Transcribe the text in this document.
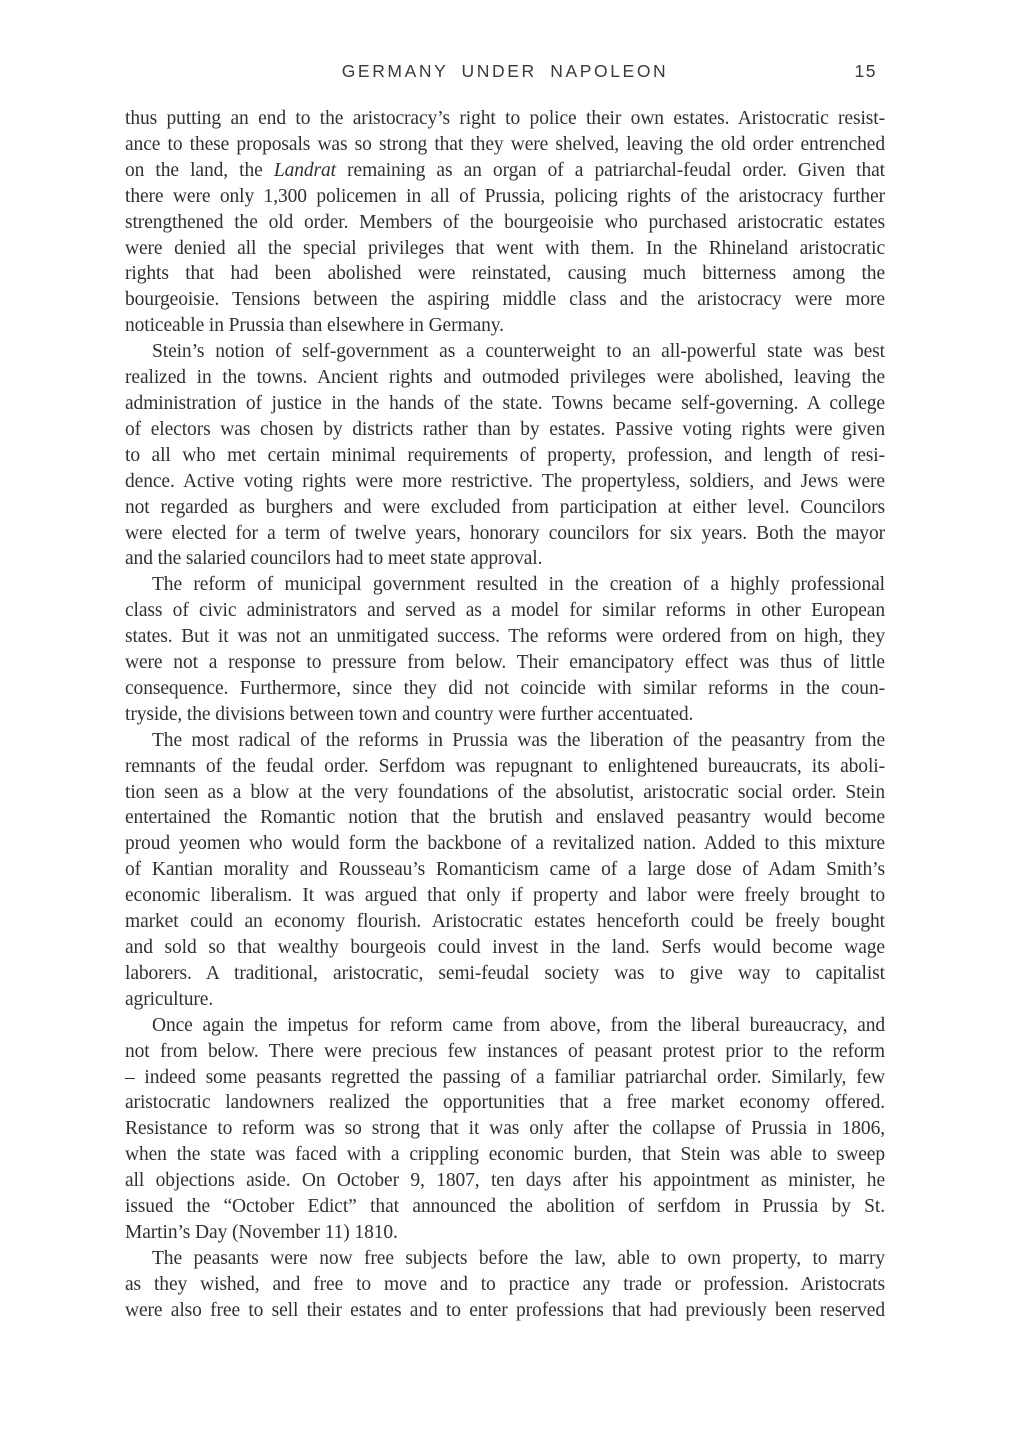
GERMANY UNDER NAPOLEON	15
thus putting an end to the aristocracy’s right to police their own estates. Aristocratic resist-
ance to these proposals was so strong that they were shelved, leaving the old order entrenched
on the land, the Landrat remaining as an organ of a patriarchal-feudal order. Given that
there were only 1,300 policemen in all of Prussia, policing rights of the aristocracy further
strengthened the old order. Members of the bourgeoisie who purchased aristocratic estates
were denied all the special privileges that went with them. In the Rhineland aristocratic
rights that had been abolished were reinstated, causing much bitterness among the
bourgeoisie. Tensions between the aspiring middle class and the aristocracy were more
noticeable in Prussia than elsewhere in Germany.
Stein’s notion of self-government as a counterweight to an all-powerful state was best
realized in the towns. Ancient rights and outmoded privileges were abolished, leaving the
administration of justice in the hands of the state. Towns became self-governing. A college
of electors was chosen by districts rather than by estates. Passive voting rights were given
to all who met certain minimal requirements of property, profession, and length of resi-
dence. Active voting rights were more restrictive. The propertyless, soldiers, and Jews were
not regarded as burghers and were excluded from participation at either level. Councilors
were elected for a term of twelve years, honorary councilors for six years. Both the mayor
and the salaried councilors had to meet state approval.
The reform of municipal government resulted in the creation of a highly professional
class of civic administrators and served as a model for similar reforms in other European
states. But it was not an unmitigated success. The reforms were ordered from on high, they
were not a response to pressure from below. Their emancipatory effect was thus of little
consequence. Furthermore, since they did not coincide with similar reforms in the coun-
tryside, the divisions between town and country were further accentuated.
The most radical of the reforms in Prussia was the liberation of the peasantry from the
remnants of the feudal order. Serfdom was repugnant to enlightened bureaucrats, its aboli-
tion seen as a blow at the very foundations of the absolutist, aristocratic social order. Stein
entertained the Romantic notion that the brutish and enslaved peasantry would become
proud yeomen who would form the backbone of a revitalized nation. Added to this mixture
of Kantian morality and Rousseau’s Romanticism came of a large dose of Adam Smith’s
economic liberalism. It was argued that only if property and labor were freely brought to
market could an economy flourish. Aristocratic estates henceforth could be freely bought
and sold so that wealthy bourgeois could invest in the land. Serfs would become wage
laborers. A traditional, aristocratic, semi-feudal society was to give way to capitalist
agriculture.
Once again the impetus for reform came from above, from the liberal bureaucracy, and
not from below. There were precious few instances of peasant protest prior to the reform
– indeed some peasants regretted the passing of a familiar patriarchal order. Similarly, few
aristocratic landowners realized the opportunities that a free market economy offered.
Resistance to reform was so strong that it was only after the collapse of Prussia in 1806,
when the state was faced with a crippling economic burden, that Stein was able to sweep
all objections aside. On October 9, 1807, ten days after his appointment as minister, he
issued the “October Edict” that announced the abolition of serfdom in Prussia by St.
Martin’s Day (November 11) 1810.
The peasants were now free subjects before the law, able to own property, to marry
as they wished, and free to move and to practice any trade or profession. Aristocrats
were also free to sell their estates and to enter professions that had previously been reserved
